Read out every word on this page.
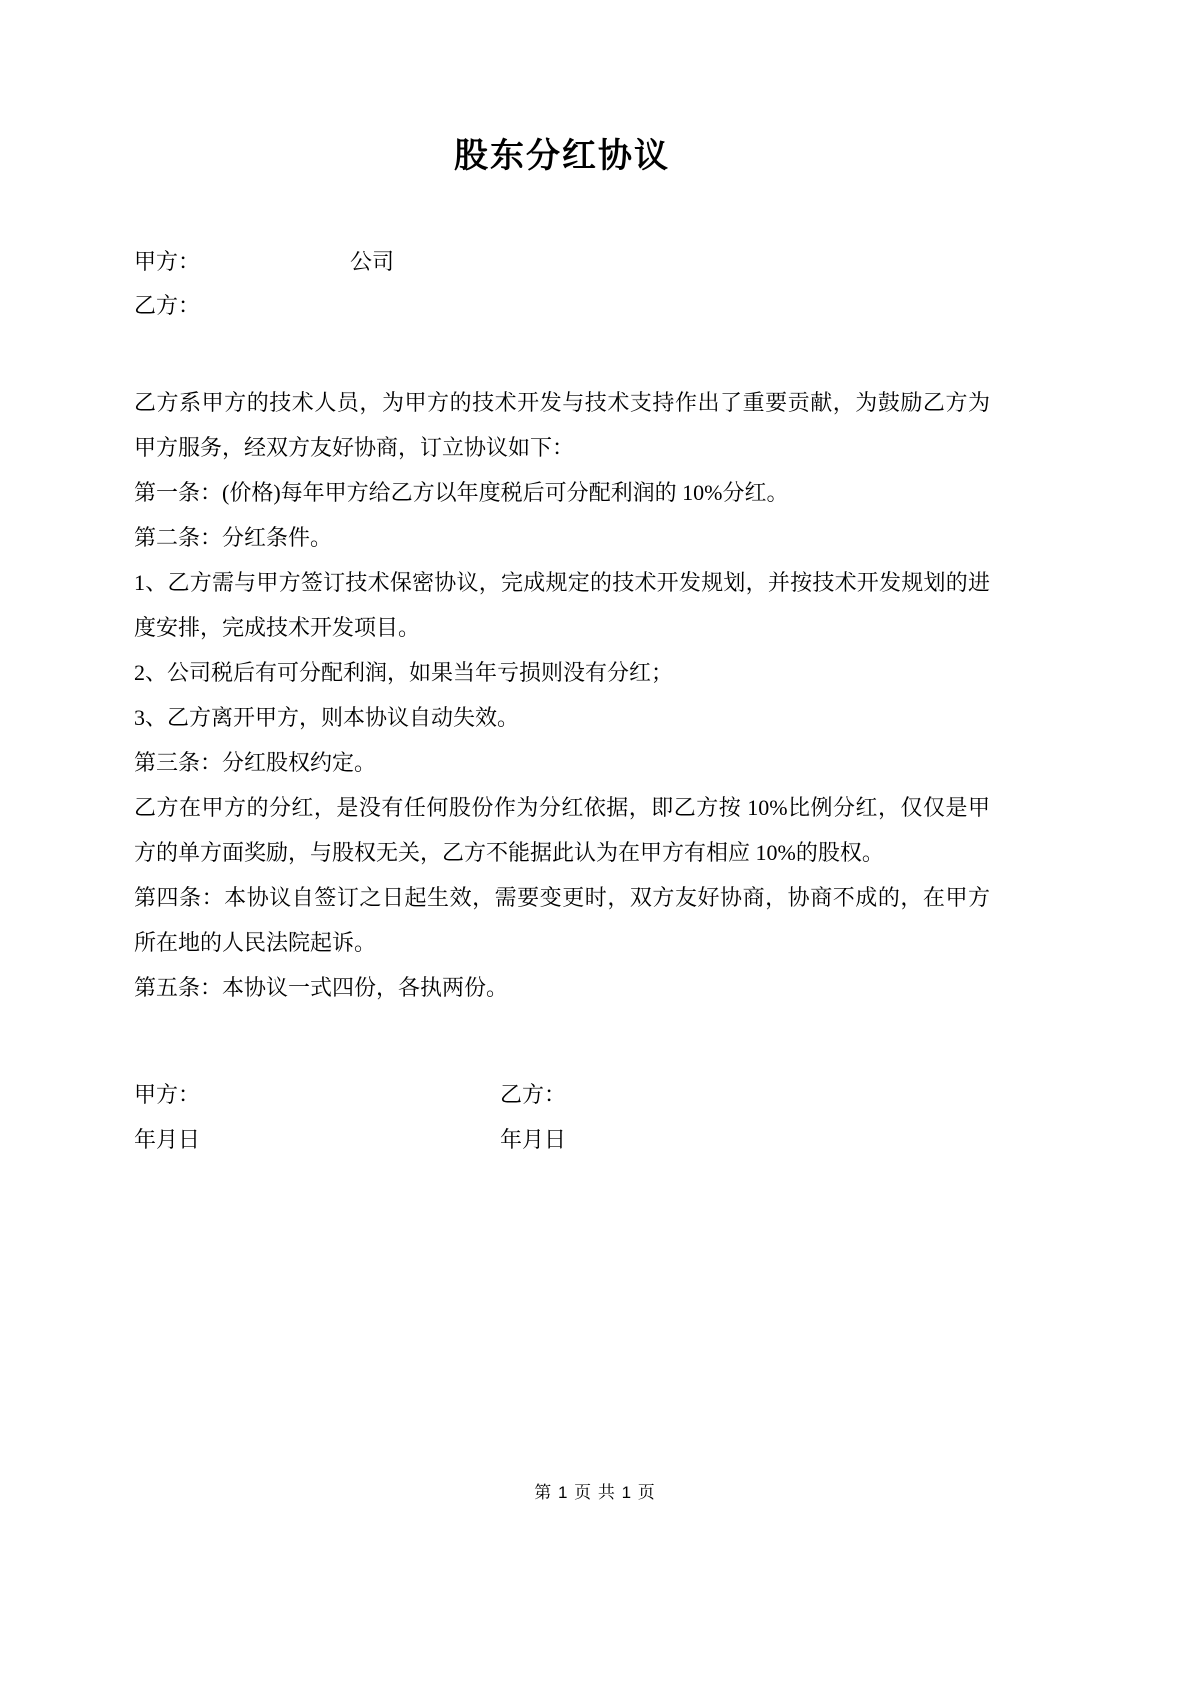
股东分红协议
甲方：	公司
乙方：

乙方系甲方的技术人员，为甲方的技术开发与技术支持作出了重要贡献，为鼓励乙方为甲方服务，经双方友好协商，订立协议如下：

第一条：(价格)每年甲方给乙方以年度税后可分配利润的 10%分红。

第二条：分红条件。

1、乙方需与甲方签订技术保密协议，完成规定的技术开发规划，并按技术开发规划的进度安排，完成技术开发项目。

2、公司税后有可分配利润，如果当年亏损则没有分红；

3、乙方离开甲方，则本协议自动失效。

第三条：分红股权约定。

乙方在甲方的分红，是没有任何股份作为分红依据，即乙方按 10%比例分红，仅仅是甲方的单方面奖励，与股权无关，乙方不能据此认为在甲方有相应 10%的股权。

第四条：本协议自签订之日起生效，需要变更时，双方友好协商，协商不成的，在甲方所在地的人民法院起诉。

第五条：本协议一式四份，各执两份。

甲方：	乙方：
年月日	年月日
第 1 页 共 1 页
